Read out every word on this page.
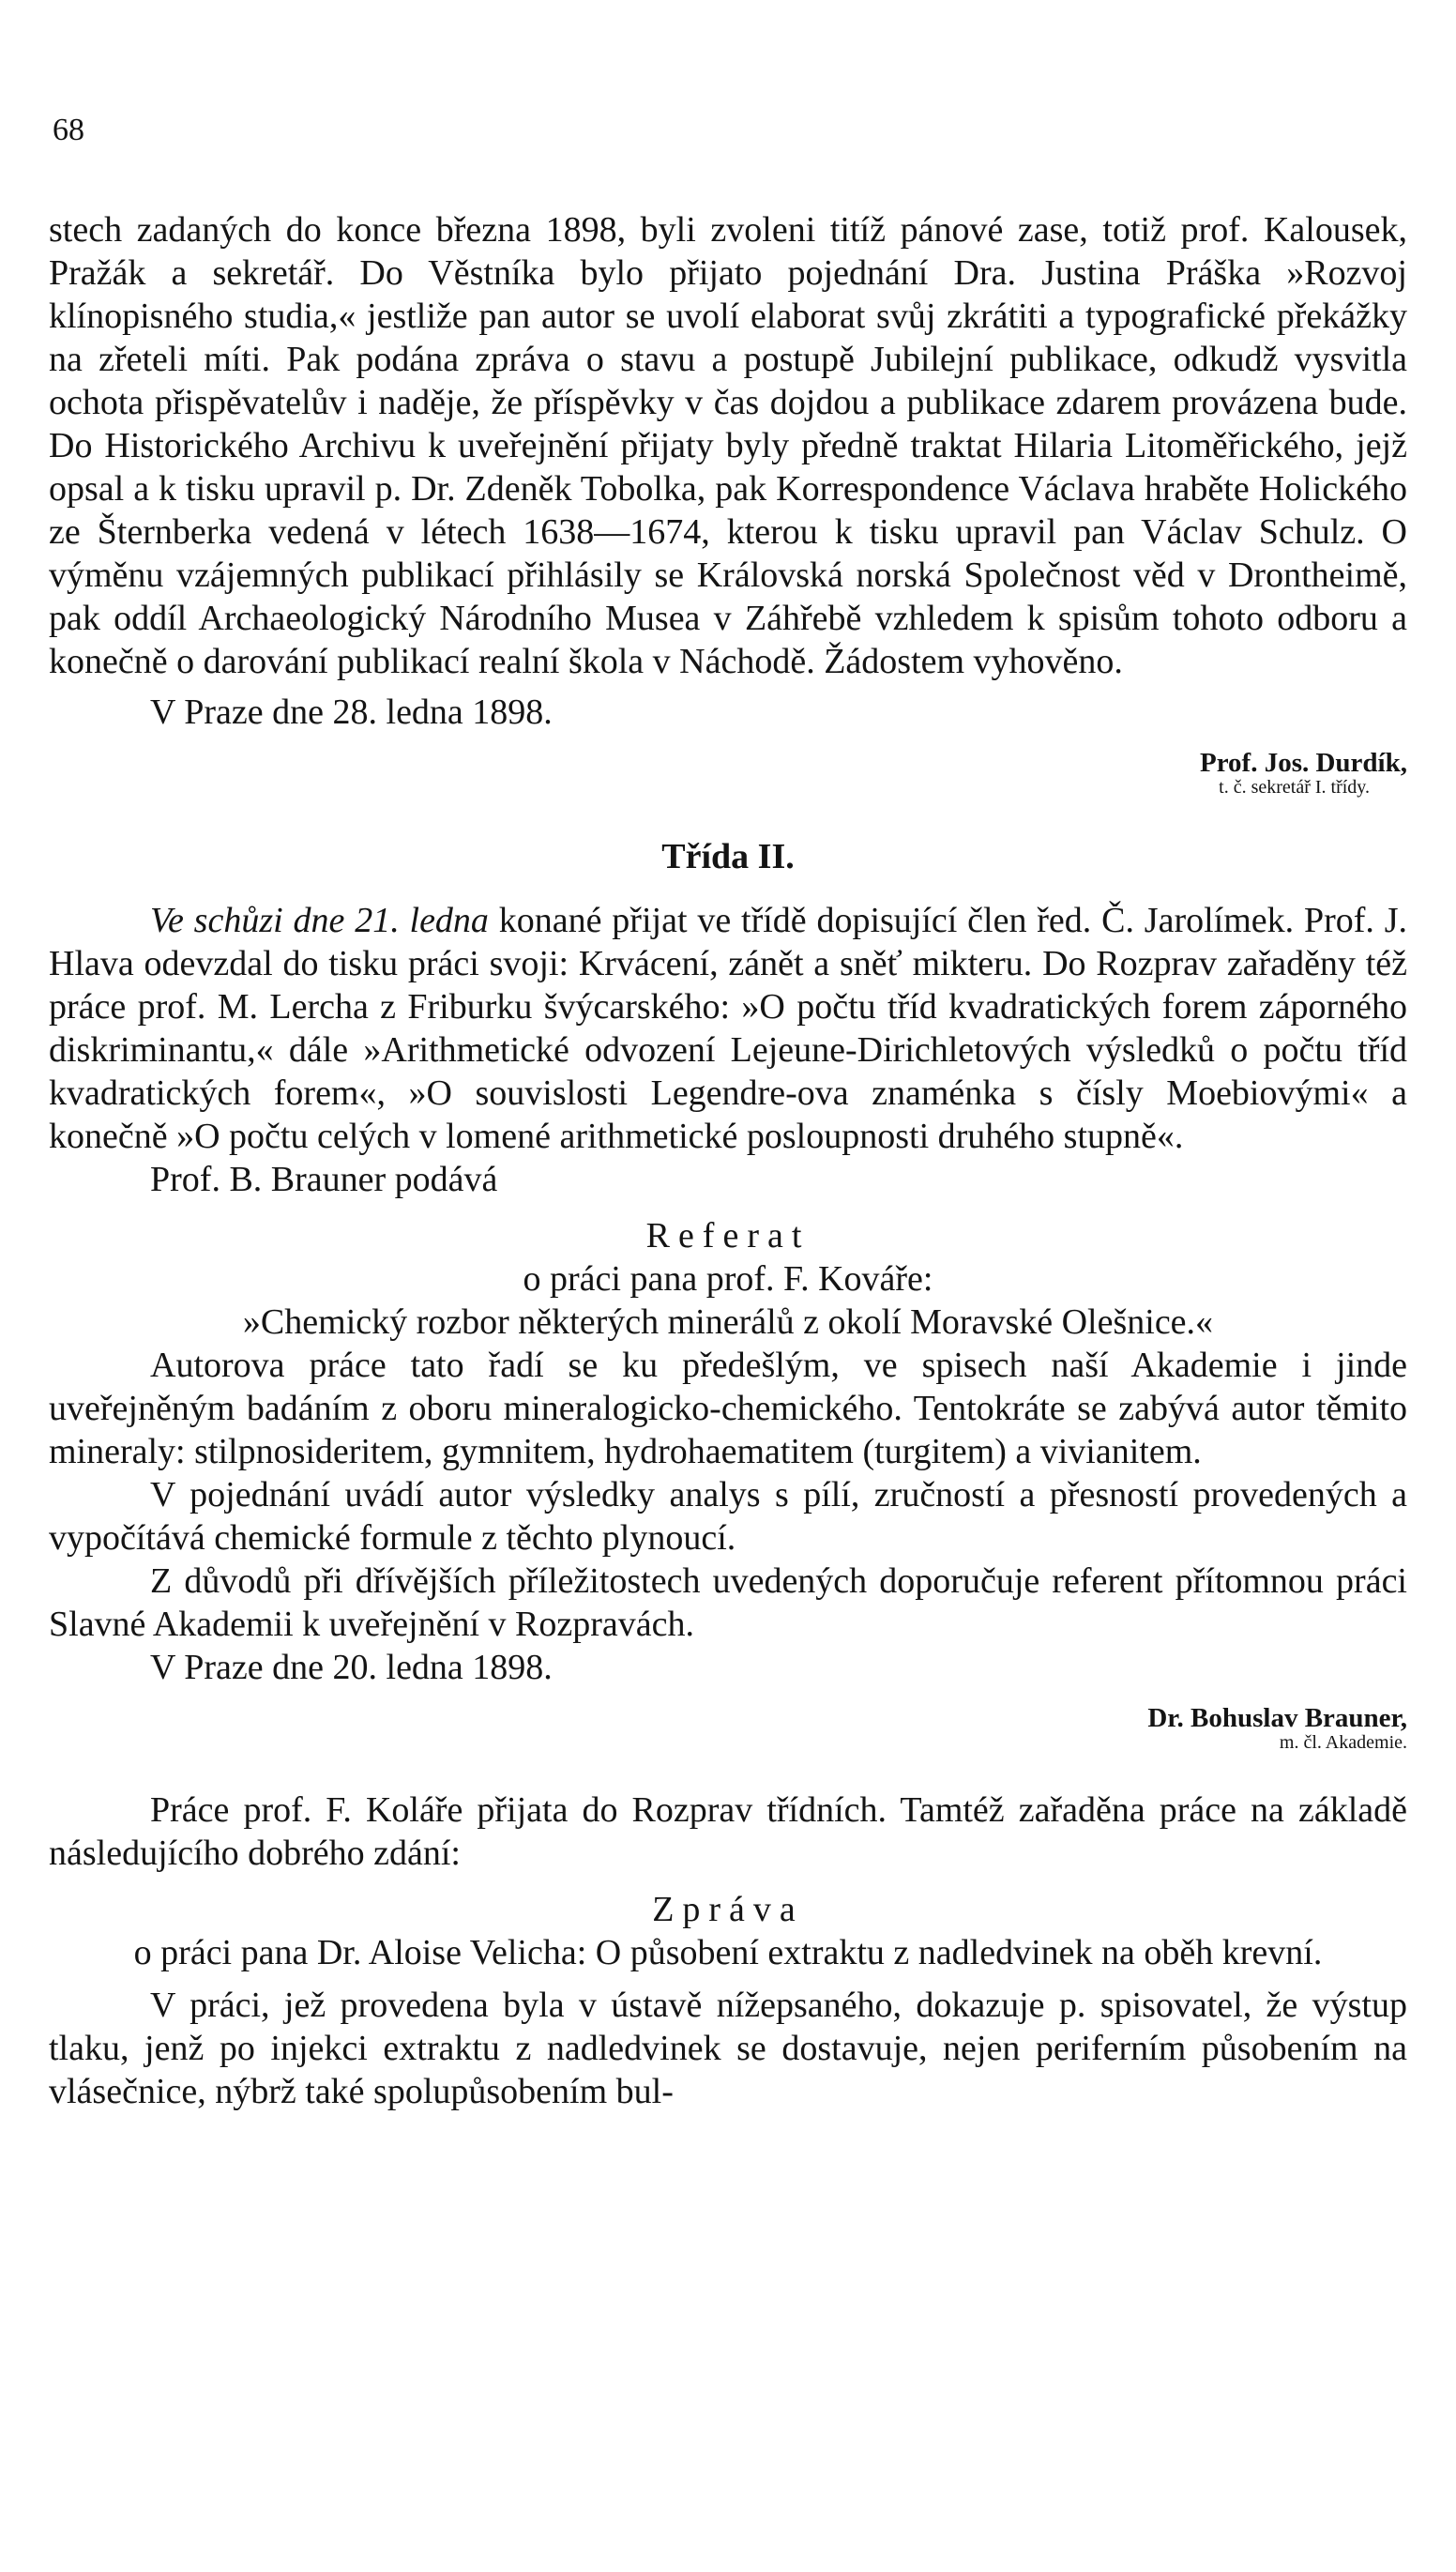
68

stech zadaných do konce března 1898, byli zvoleni titíž pánové zase, totiž prof. Kalousek, Pražák a sekretář. Do Věstníka bylo přijato pojednání Dra. Justina Práška »Rozvoj klínopisného studia,« jestliže pan autor se uvolí elaborat svůj zkrátiti a typografické překážky na zřeteli míti. Pak podána zpráva o stavu a postupě Jubilejní publikace, odkudž vysvitla ochota přispěvatelův i naděje, že příspěvky v čas dojdou a publikace zdarem provázena bude. Do Historického Archivu k uveřejnění přijaty byly předně traktat Hilaria Litoměřického, jejž opsal a k tisku upravil p. Dr. Zdeněk Tobolka, pak Korrespondence Václava hraběte Holického ze Šternberka vedená v létech 1638—1674, kterou k tisku upravil pan Václav Schulz. O výměnu vzájemných publikací přihlásily se Královská norská Společnost věd v Drontheimě, pak oddíl Archaeologický Národního Musea v Záhřebě vzhledem k spisům tohoto odboru a konečně o darování publikací realní škola v Náchodě. Žádostem vyhověno.

V Praze dne 28. ledna 1898.

Prof. Jos. Durdík,
t. č. sekretář I. třídy.
Třída II.

Ve schůzi dne 21. ledna konané přijat ve třídě dopisující člen řed. Č. Jarolímek. Prof. J. Hlava odevzdal do tisku práci svoji: Krvácení, zánět a sněť mikteru. Do Rozprav zařaděny též práce prof. M. Lercha z Friburku švýcarského: »O počtu tříd kvadratických forem záporného diskriminantu,« dále »Arithmetické odvození Lejeune-Dirichletových výsledků o počtu tříd kvadratických forem«, »O souvislosti Legendre-ova znaménka s čísly Moebiovými« a konečně »O počtu celých v lomené arithmetické posloupnosti druhého stupně«.

Prof. B. Brauner podává

Referat
o práci pana prof. F. Kováře:
»Chemický rozbor některých minerálů z okolí Moravské Olešnice.«

Autorova práce tato řadí se ku předešlým, ve spisech naší Akademie i jinde uveřejněným badáním z oboru mineralogicko-chemického. Tentokráte se zabývá autor těmito mineraly: stilpnosideritem, gymnitem, hydrohaematitem (turgitem) a vivianitem.

V pojednání uvádí autor výsledky analys s pílí, zručností a přesností provedených a vypočítává chemické formule z těchto plynoucí.

Z důvodů při dřívějších příležitostech uvedených doporučuje referent přítomnou práci Slavné Akademii k uveřejnění v Rozpravách.

V Praze dne 20. ledna 1898.

Dr. Bohuslav Brauner,
m. čl. Akademie.

Práce prof. F. Kolářе přijata do Rozprav třídních. Tamtéž zařaděna práce na základě následujícího dobrého zdání:

Zpráva
o práci pana Dr. Aloise Velicha: O působení extraktu z nadledvinek na oběh krevní.

V práci, jež provedena byla v ústavě nížepsaného, dokazuje p. spisovatel, že výstup tlaku, jenž po injekci extraktu z nadledvinek se dostavuje, nejen periferním působením na vlásečnice, nýbrž také spolupůsobením bul-
